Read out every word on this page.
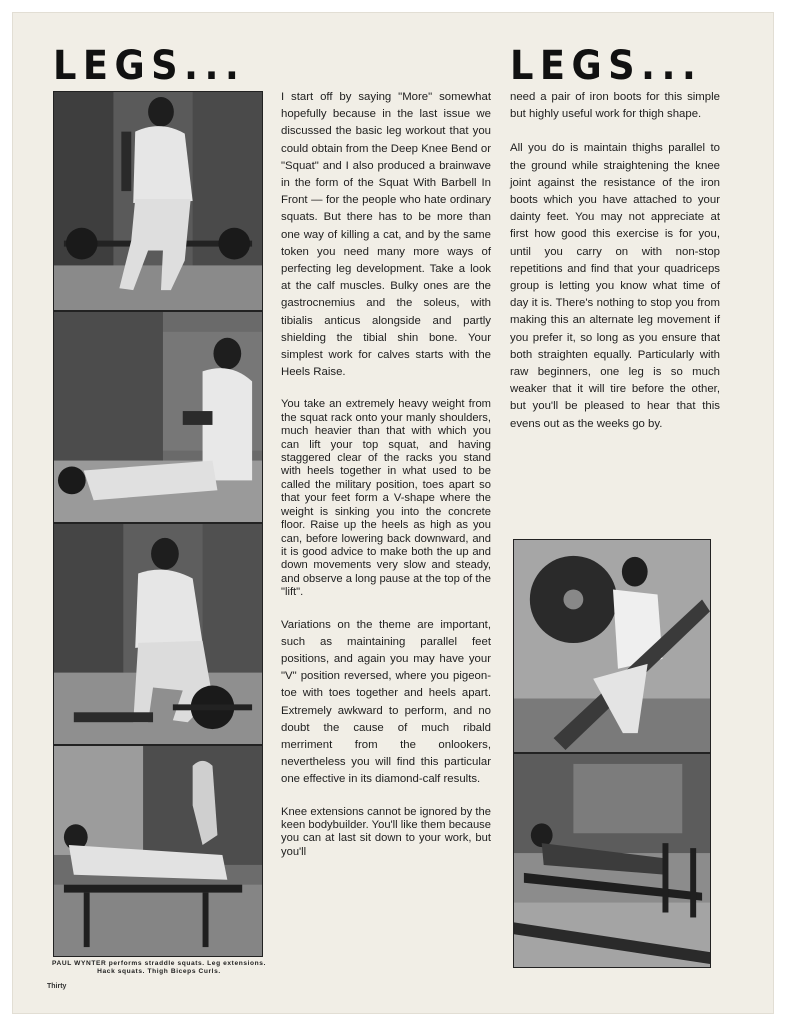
LEGS...	LEGS...

I start off by saying "More" somewhat hopefully because in the last issue we discussed the basic leg workout that you could obtain from the Deep Knee Bend or "Squat" and I also produced a brainwave in the form of the Squat With Barbell In Front — for the people who hate ordinary squats. But there has to be more than one way of killing a cat, and by the same token you need many more ways of perfecting leg development. Take a look at the calf muscles. Bulky ones are the gastrocnemius and the soleus, with tibialis anticus alongside and partly shielding the tibial shin bone. Your simplest work for calves starts with the Heels Raise.

You take an extremely heavy weight from the squat rack onto your manly shoulders, much heavier than that with which you can lift your top squat, and having staggered clear of the racks you stand with heels together in what used to be called the military position, toes apart so that your feet form a V-shape where the weight is sinking you into the concrete floor. Raise up the heels as high as you can, before lowering back downward, and it is good advice to make both the up and down movements very slow and steady, and observe a long pause at the top of the "lift".

Variations on the theme are important, such as maintaining parallel feet positions, and again you may have your "V" position reversed, where you pigeon-toe with toes together and heels apart. Extremely awkward to perform, and no doubt the cause of much ribald merriment from the onlookers, nevertheless you will find this particular one effective in its diamond-calf results.

Knee extensions cannot be ignored by the keen bodybuilder. You'll like them because you can at last sit down to your work, but you'll

need a pair of iron boots for this simple but highly useful work for thigh shape.

All you do is maintain thighs parallel to the ground while straightening the knee joint against the resistance of the iron boots which you have attached to your dainty feet. You may not appreciate at first how good this exercise is for you, until you carry on with non-stop repetitions and find that your quadriceps group is letting you know what time of day it is. There's nothing to stop you from making this an alternate leg movement if you prefer it, so long as you ensure that both straighten equally. Particularly with raw beginners, one leg is so much weaker that it will tire before the other, but you'll be pleased to hear that this evens out as the weeks go by.

PAUL WYNTER performs straddle squats. Leg extensions. Hack squats. Thigh Biceps Curls.
Thirty
